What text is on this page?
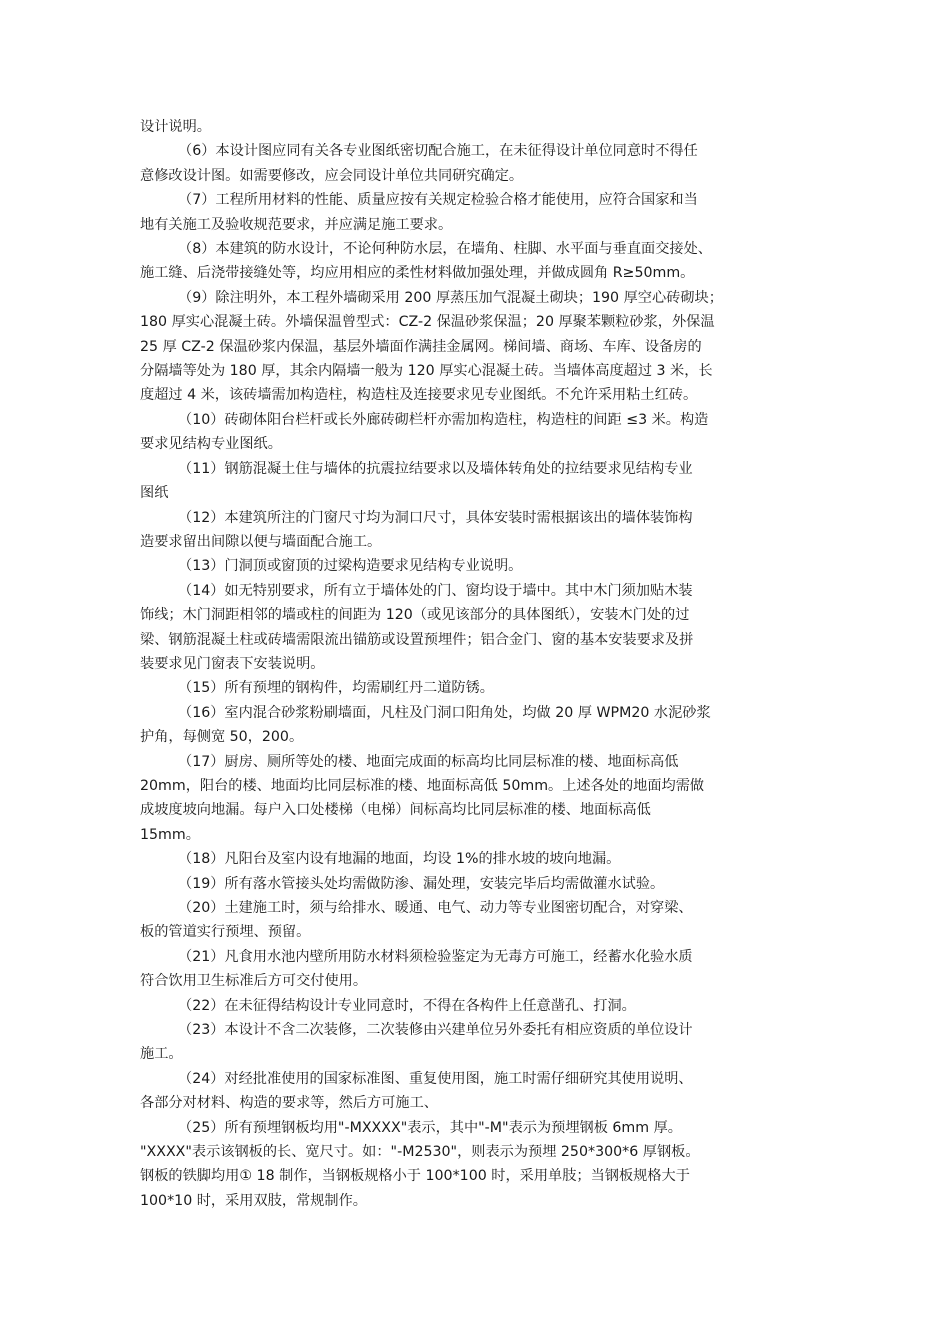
设计说明。

（6）本设计图应同有关各专业图纸密切配合施工，在未征得设计单位同意时不得任
意修改设计图。如需要修改，应会同设计单位共同研究确定。

（7）工程所用材料的性能、质量应按有关规定检验合格才能使用，应符合国家和当
地有关施工及验收规范要求，并应满足施工要求。

（8）本建筑的防水设计，不论何种防水层，在墙角、柱脚、水平面与垂直面交接处、
施工缝、后浇带接缝处等，均应用相应的柔性材料做加强处理，并做成圆角 R≥50mm。

（9）除注明外，本工程外墙砌采用 200 厚蒸压加气混凝土砌块；190 厚空心砖砌块；
180 厚实心混凝土砖。外墙保温曾型式：CZ-2 保温砂浆保温；20 厚聚苯颗粒砂浆，外保温
25 厚 CZ-2 保温砂浆内保温，基层外墙面作满挂金属网。梯间墙、商场、车库、设备房的
分隔墙等处为 180 厚，其余内隔墙一般为 120 厚实心混凝土砖。当墙体高度超过 3 米，长
度超过 4 米，该砖墙需加构造柱，构造柱及连接要求见专业图纸。不允许采用粘土红砖。

（10）砖砌体阳台栏杆或长外廊砖砌栏杆亦需加构造柱，构造柱的间距 ≤3 米。构造
要求见结构专业图纸。

（11）钢筋混凝土住与墙体的抗震拉结要求以及墙体转角处的拉结要求见结构专业
图纸

（12）本建筑所注的门窗尺寸均为洞口尺寸，具体安装时需根据该出的墙体装饰构
造要求留出间隙以便与墙面配合施工。

（13）门洞顶或窗顶的过梁构造要求见结构专业说明。

（14）如无特别要求，所有立于墙体处的门、窗均设于墙中。其中木门须加贴木装
饰线；木门洞距相邻的墙或柱的间距为 120（或见该部分的具体图纸），安装木门处的过
梁、钢筋混凝土柱或砖墙需限流出锚筋或设置预埋件；铝合金门、窗的基本安装要求及拼
装要求见门窗表下安装说明。

（15）所有预埋的钢构件，均需刷红丹二道防锈。

（16）室内混合砂浆粉刷墙面，凡柱及门洞口阳角处，均做 20 厚 WPM20 水泥砂浆
护角，每侧宽 50，200。

（17）厨房、厕所等处的楼、地面完成面的标高均比同层标准的楼、地面标高低
20mm，阳台的楼、地面均比同层标准的楼、地面标高低 50mm。上述各处的地面均需做
成坡度坡向地漏。每户入口处楼梯（电梯）间标高均比同层标准的楼、地面标高低
15mm。

（18）凡阳台及室内设有地漏的地面，均设 1%的排水坡的坡向地漏。

（19）所有落水管接头处均需做防渗、漏处理，安装完毕后均需做灌水试验。

（20）土建施工时，须与给排水、暖通、电气、动力等专业图密切配合，对穿梁、
板的管道实行预埋、预留。

（21）凡食用水池内壁所用防水材料须检验鉴定为无毒方可施工，经蓄水化验水质
符合饮用卫生标准后方可交付使用。

（22）在未征得结构设计专业同意时，不得在各构件上任意凿孔、打洞。

（23）本设计不含二次装修，二次装修由兴建单位另外委托有相应资质的单位设计
施工。

（24）对经批准使用的国家标准图、重复使用图，施工时需仔细研究其使用说明、
各部分对材料、构造的要求等，然后方可施工、

（25）所有预埋钢板均用"-MXXXX"表示，其中"-M"表示为预埋钢板 6mm 厚。
"XXXX"表示该钢板的长、宽尺寸。如："-M2530"，则表示为预埋 250*300*6 厚钢板。
钢板的铁脚均用① 18 制作，当钢板规格小于 100*100 时，采用单肢；当钢板规格大于
100*10 时，采用双肢，常规制作。
